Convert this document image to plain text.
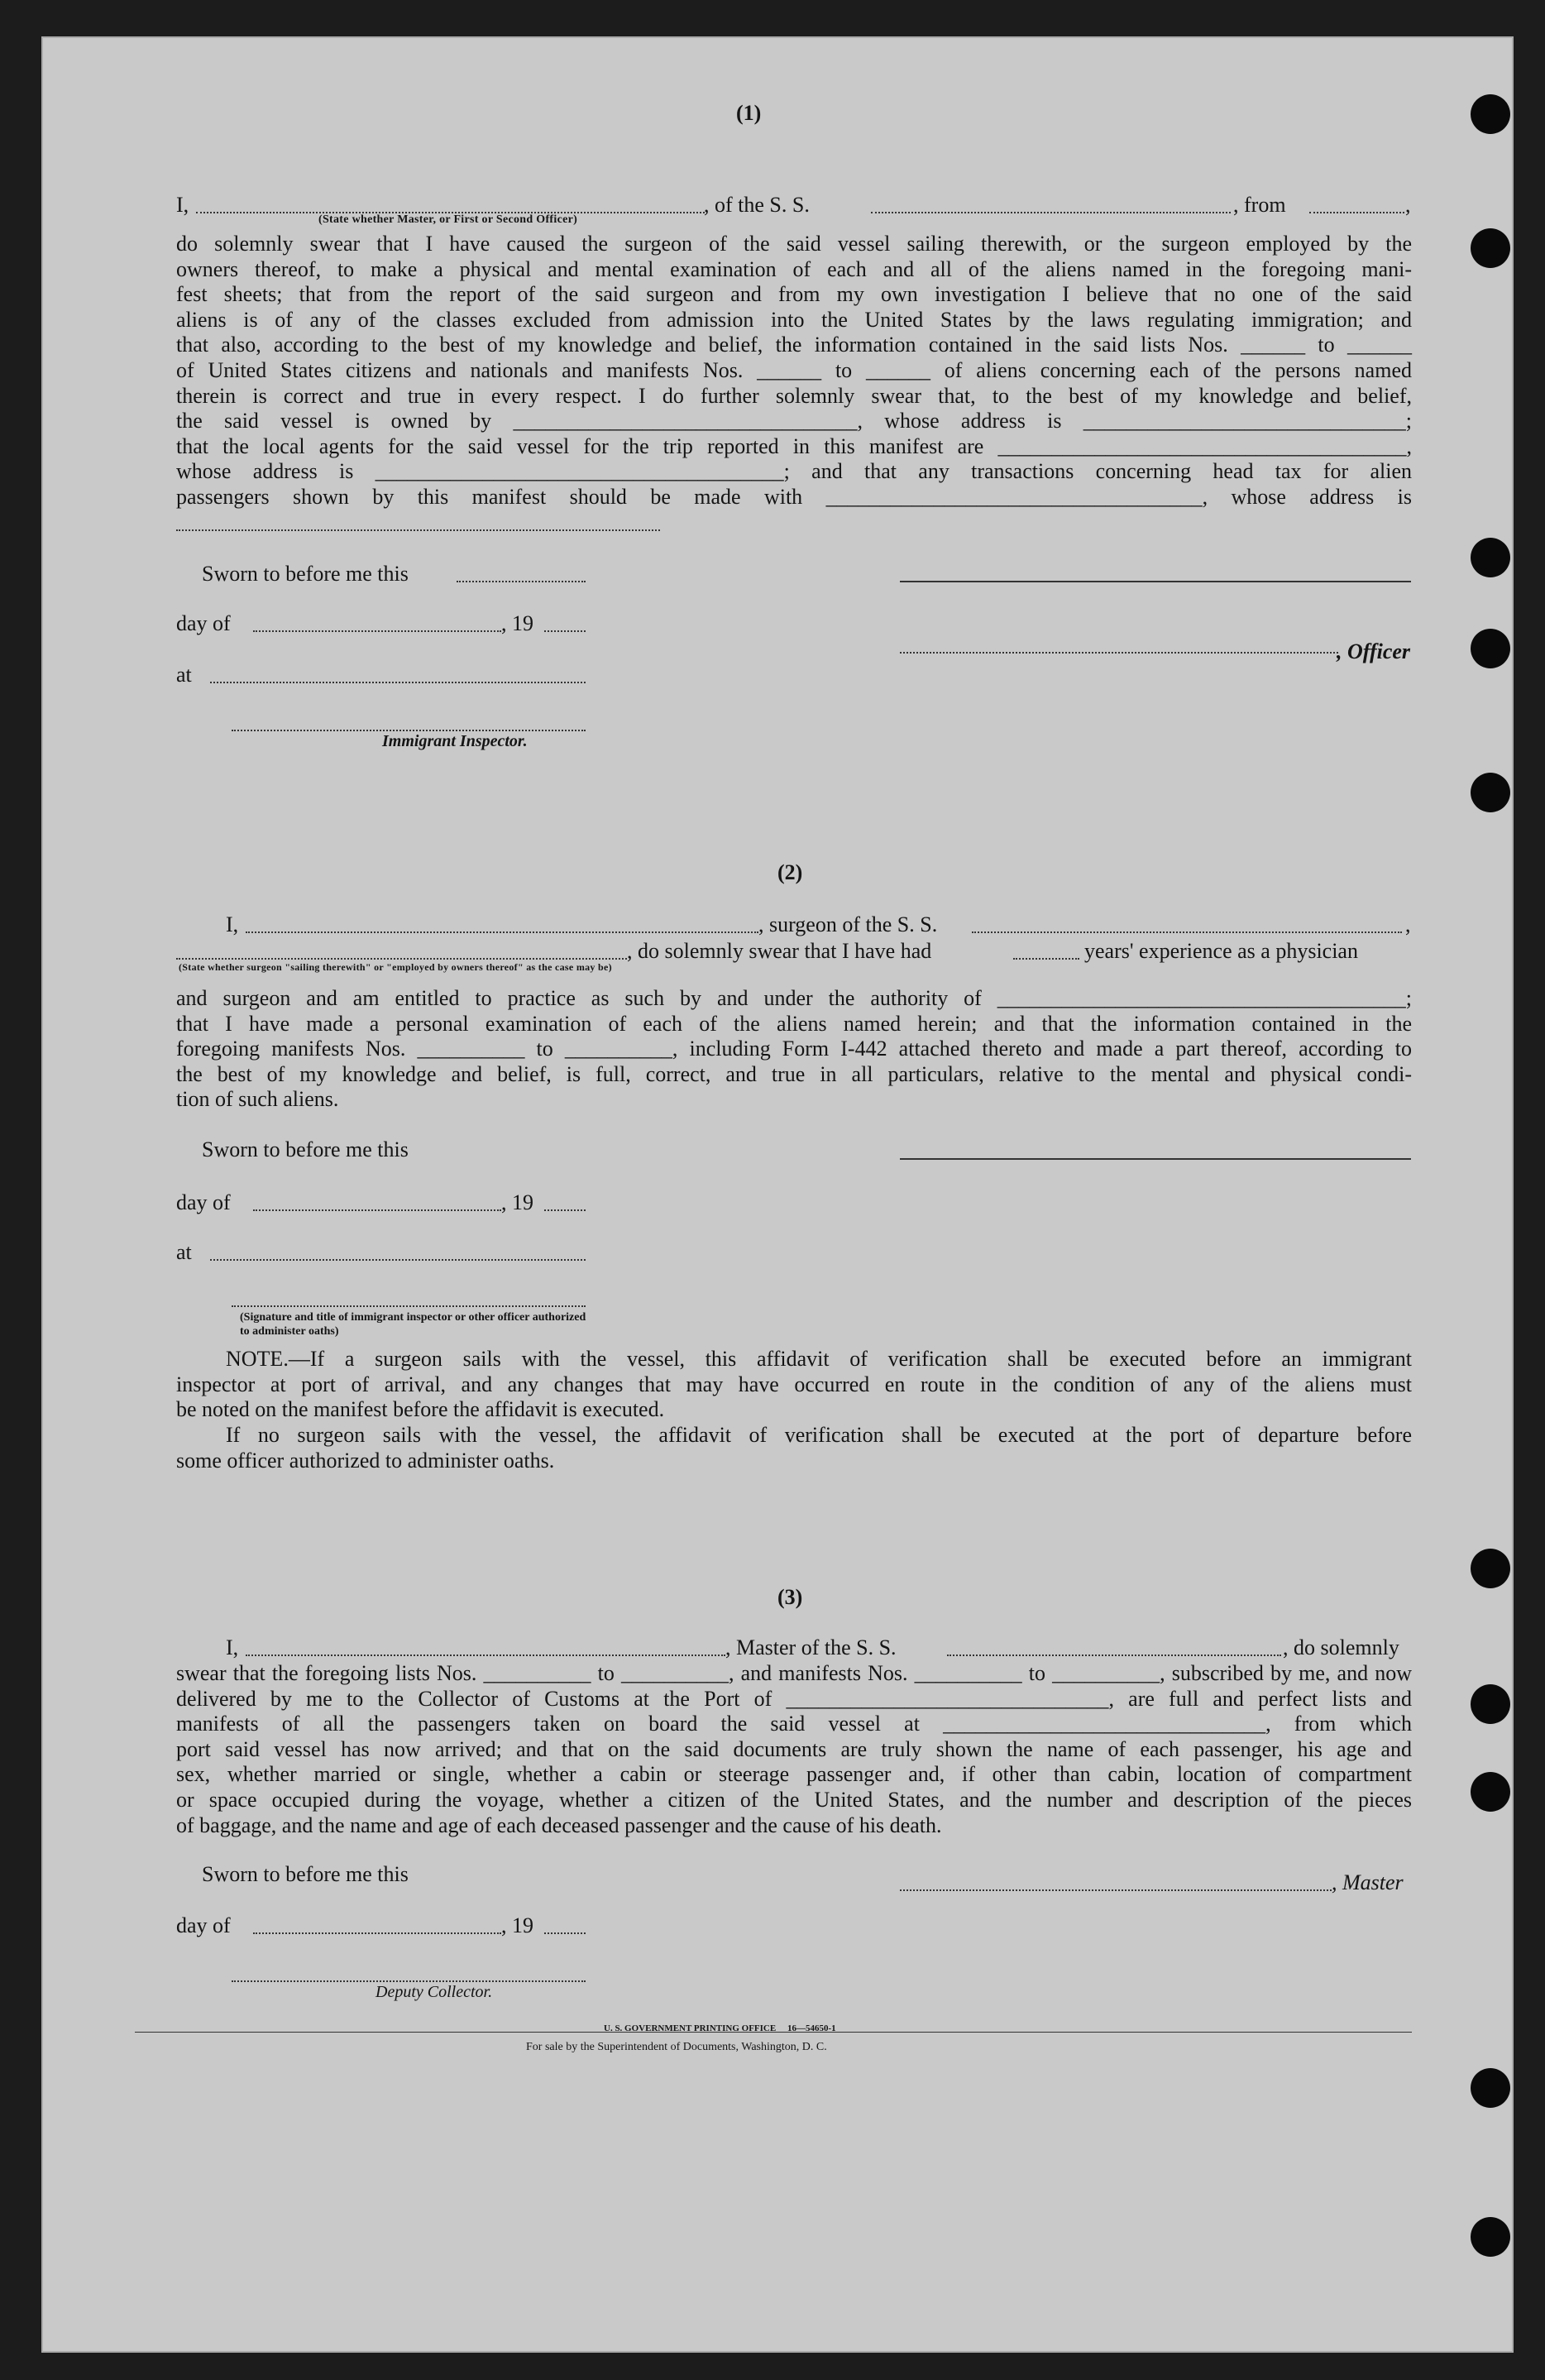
(1)
I,	, of the S. S.	, from	,
(State whether Master, or First or Second Officer)
do solemnly swear that I have caused the surgeon of the said vessel sailing therewith, or the surgeon employed by the
owners thereof, to make a physical and mental examination of each and all of the aliens named in the foregoing mani-
fest sheets; that from the report of the said surgeon and from my own investigation I believe that no one of the said
aliens is of any of the classes excluded from admission into the United States by the laws regulating immigration; and
that also, according to the best of my knowledge and belief, the information contained in the said lists Nos. ______ to ______
of United States citizens and nationals and manifests Nos. ______ to ______ of aliens concerning each of the persons named
therein is correct and true in every respect. I do further solemnly swear that, to the best of my knowledge and belief,
the said vessel is owned by ________________________________, whose address is ______________________________;
that the local agents for the said vessel for the trip reported in this manifest are ______________________________________,
whose address is ______________________________________; and that any transactions concerning head tax for alien
passengers shown by this manifest should be made with ___________________________________, whose address is
Sworn to before me this
day of	, 19
, Officer
at
Immigrant Inspector.
(2)
I,	, surgeon of the S. S.	,
, do solemnly swear that I have had	years' experience as a physician
(State whether surgeon "sailing therewith" or "employed by owners thereof" as the case may be)
and surgeon and am entitled to practice as such by and under the authority of ______________________________________;
that I have made a personal examination of each of the aliens named herein; and that the information contained in the
foregoing manifests Nos. __________ to __________, including Form I-442 attached thereto and made a part thereof, according to
the best of my knowledge and belief, is full, correct, and true in all particulars, relative to the mental and physical condi-
tion of such aliens.
Sworn to before me this
day of	, 19
at
(Signature and title of immigrant inspector or other officer authorized to administer oaths)
NOTE.—If a surgeon sails with the vessel, this affidavit of verification shall be executed before an immigrant
inspector at port of arrival, and any changes that may have occurred en route in the condition of any of the aliens must
be noted on the manifest before the affidavit is executed.
If no surgeon sails with the vessel, the affidavit of verification shall be executed at the port of departure before
some officer authorized to administer oaths.
(3)
I,	, Master of the S. S.	, do solemnly
swear that the foregoing lists Nos. __________ to __________, and manifests Nos. __________ to __________, subscribed by me, and now
delivered by me to the Collector of Customs at the Port of ______________________________, are full and perfect lists and
manifests of all the passengers taken on board the said vessel at ______________________________, from which
port said vessel has now arrived; and that on the said documents are truly shown the name of each passenger, his age and
sex, whether married or single, whether a cabin or steerage passenger and, if other than cabin, location of compartment
or space occupied during the voyage, whether a citizen of the United States, and the number and description of the pieces
of baggage, and the name and age of each deceased passenger and the cause of his death.
Sworn to before me this	, Master
day of	, 19
Deputy Collector.
U. S. GOVERNMENT PRINTING OFFICE     16—54650-1
For sale by the Superintendent of Documents, Washington, D. C.
